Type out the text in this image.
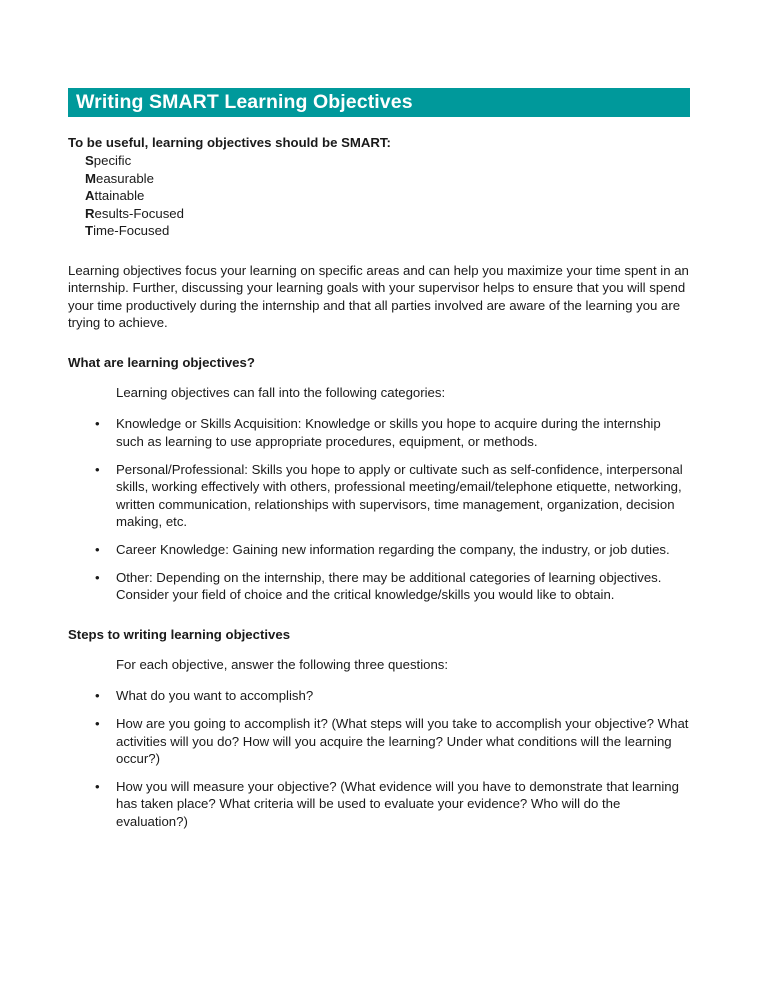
Writing SMART Learning Objectives
To be useful, learning objectives should be SMART:
Specific
Measurable
Attainable
Results-Focused
Time-Focused

Learning objectives focus your learning on specific areas and can help you maximize your time spent in an internship. Further, discussing your learning goals with your supervisor helps to ensure that you will spend your time productively during the internship and that all parties involved are aware of the learning you are trying to achieve.

What are learning objectives?
Learning objectives can fall into the following categories:
• Knowledge or Skills Acquisition: Knowledge or skills you hope to acquire during the internship such as learning to use appropriate procedures, equipment, or methods.
• Personal/Professional: Skills you hope to apply or cultivate such as self-confidence, interpersonal skills, working effectively with others, professional meeting/email/telephone etiquette, networking, written communication, relationships with supervisors, time management, organization, decision making, etc.
• Career Knowledge: Gaining new information regarding the company, the industry, or job duties.
• Other: Depending on the internship, there may be additional categories of learning objectives. Consider your field of choice and the critical knowledge/skills you would like to obtain.
Steps to writing learning objectives
For each objective, answer the following three questions:
• What do you want to accomplish?
• How are you going to accomplish it? (What steps will you take to accomplish your objective? What activities will you do? How will you acquire the learning? Under what conditions will the learning occur?)
• How you will measure your objective? (What evidence will you have to demonstrate that learning has taken place? What criteria will be used to evaluate your evidence? Who will do the evaluation?)
